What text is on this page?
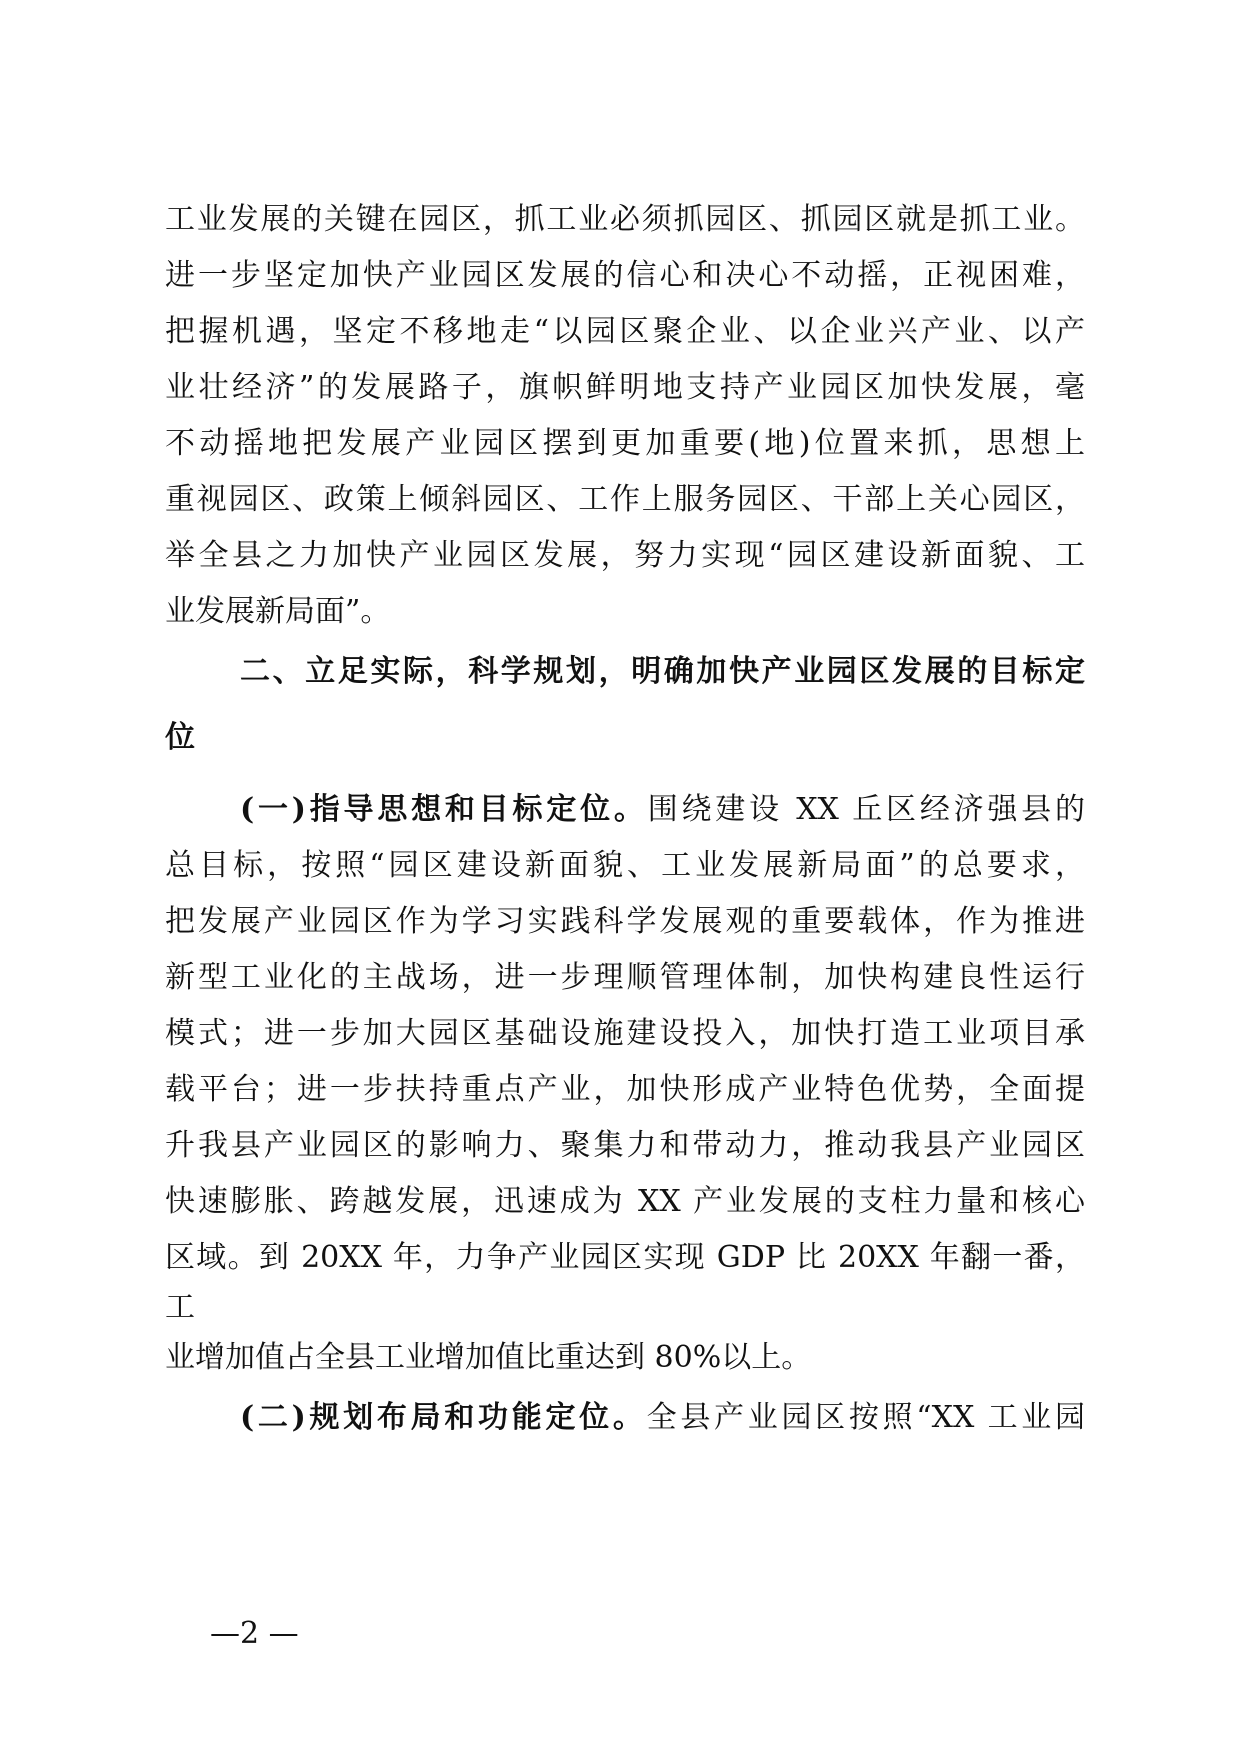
工业发展的关键在园区，抓工业必须抓园区、抓园区就是抓工业。
进一步坚定加快产业园区发展的信心和决心不动摇，正视困难，
把握机遇，坚定不移地走“以园区聚企业、以企业兴产业、以产
业壮经济”的发展路子，旗帜鲜明地支持产业园区加快发展，毫
不动摇地把发展产业园区摆到更加重要(地)位置来抓，思想上
重视园区、政策上倾斜园区、工作上服务园区、干部上关心园区，
举全县之力加快产业园区发展，努力实现“园区建设新面貌、工
业发展新局面”。
二、立足实际，科学规划，明确加快产业园区发展的目标定
位
(一)指导思想和目标定位。围绕建设 XX 丘区经济强县的
总目标，按照“园区建设新面貌、工业发展新局面”的总要求，
把发展产业园区作为学习实践科学发展观的重要载体，作为推进
新型工业化的主战场，进一步理顺管理体制，加快构建良性运行
模式；进一步加大园区基础设施建设投入，加快打造工业项目承
载平台；进一步扶持重点产业，加快形成产业特色优势，全面提
升我县产业园区的影响力、聚集力和带动力，推动我县产业园区
快速膨胀、跨越发展，迅速成为 XX 产业发展的支柱力量和核心
区域。到 20XX 年，力争产业园区实现 GDP 比 20XX 年翻一番，
工
业增加值占全县工业增加值比重达到 80%以上。
(二)规划布局和功能定位。全县产业园区按照“XX 工业园
—2 —
